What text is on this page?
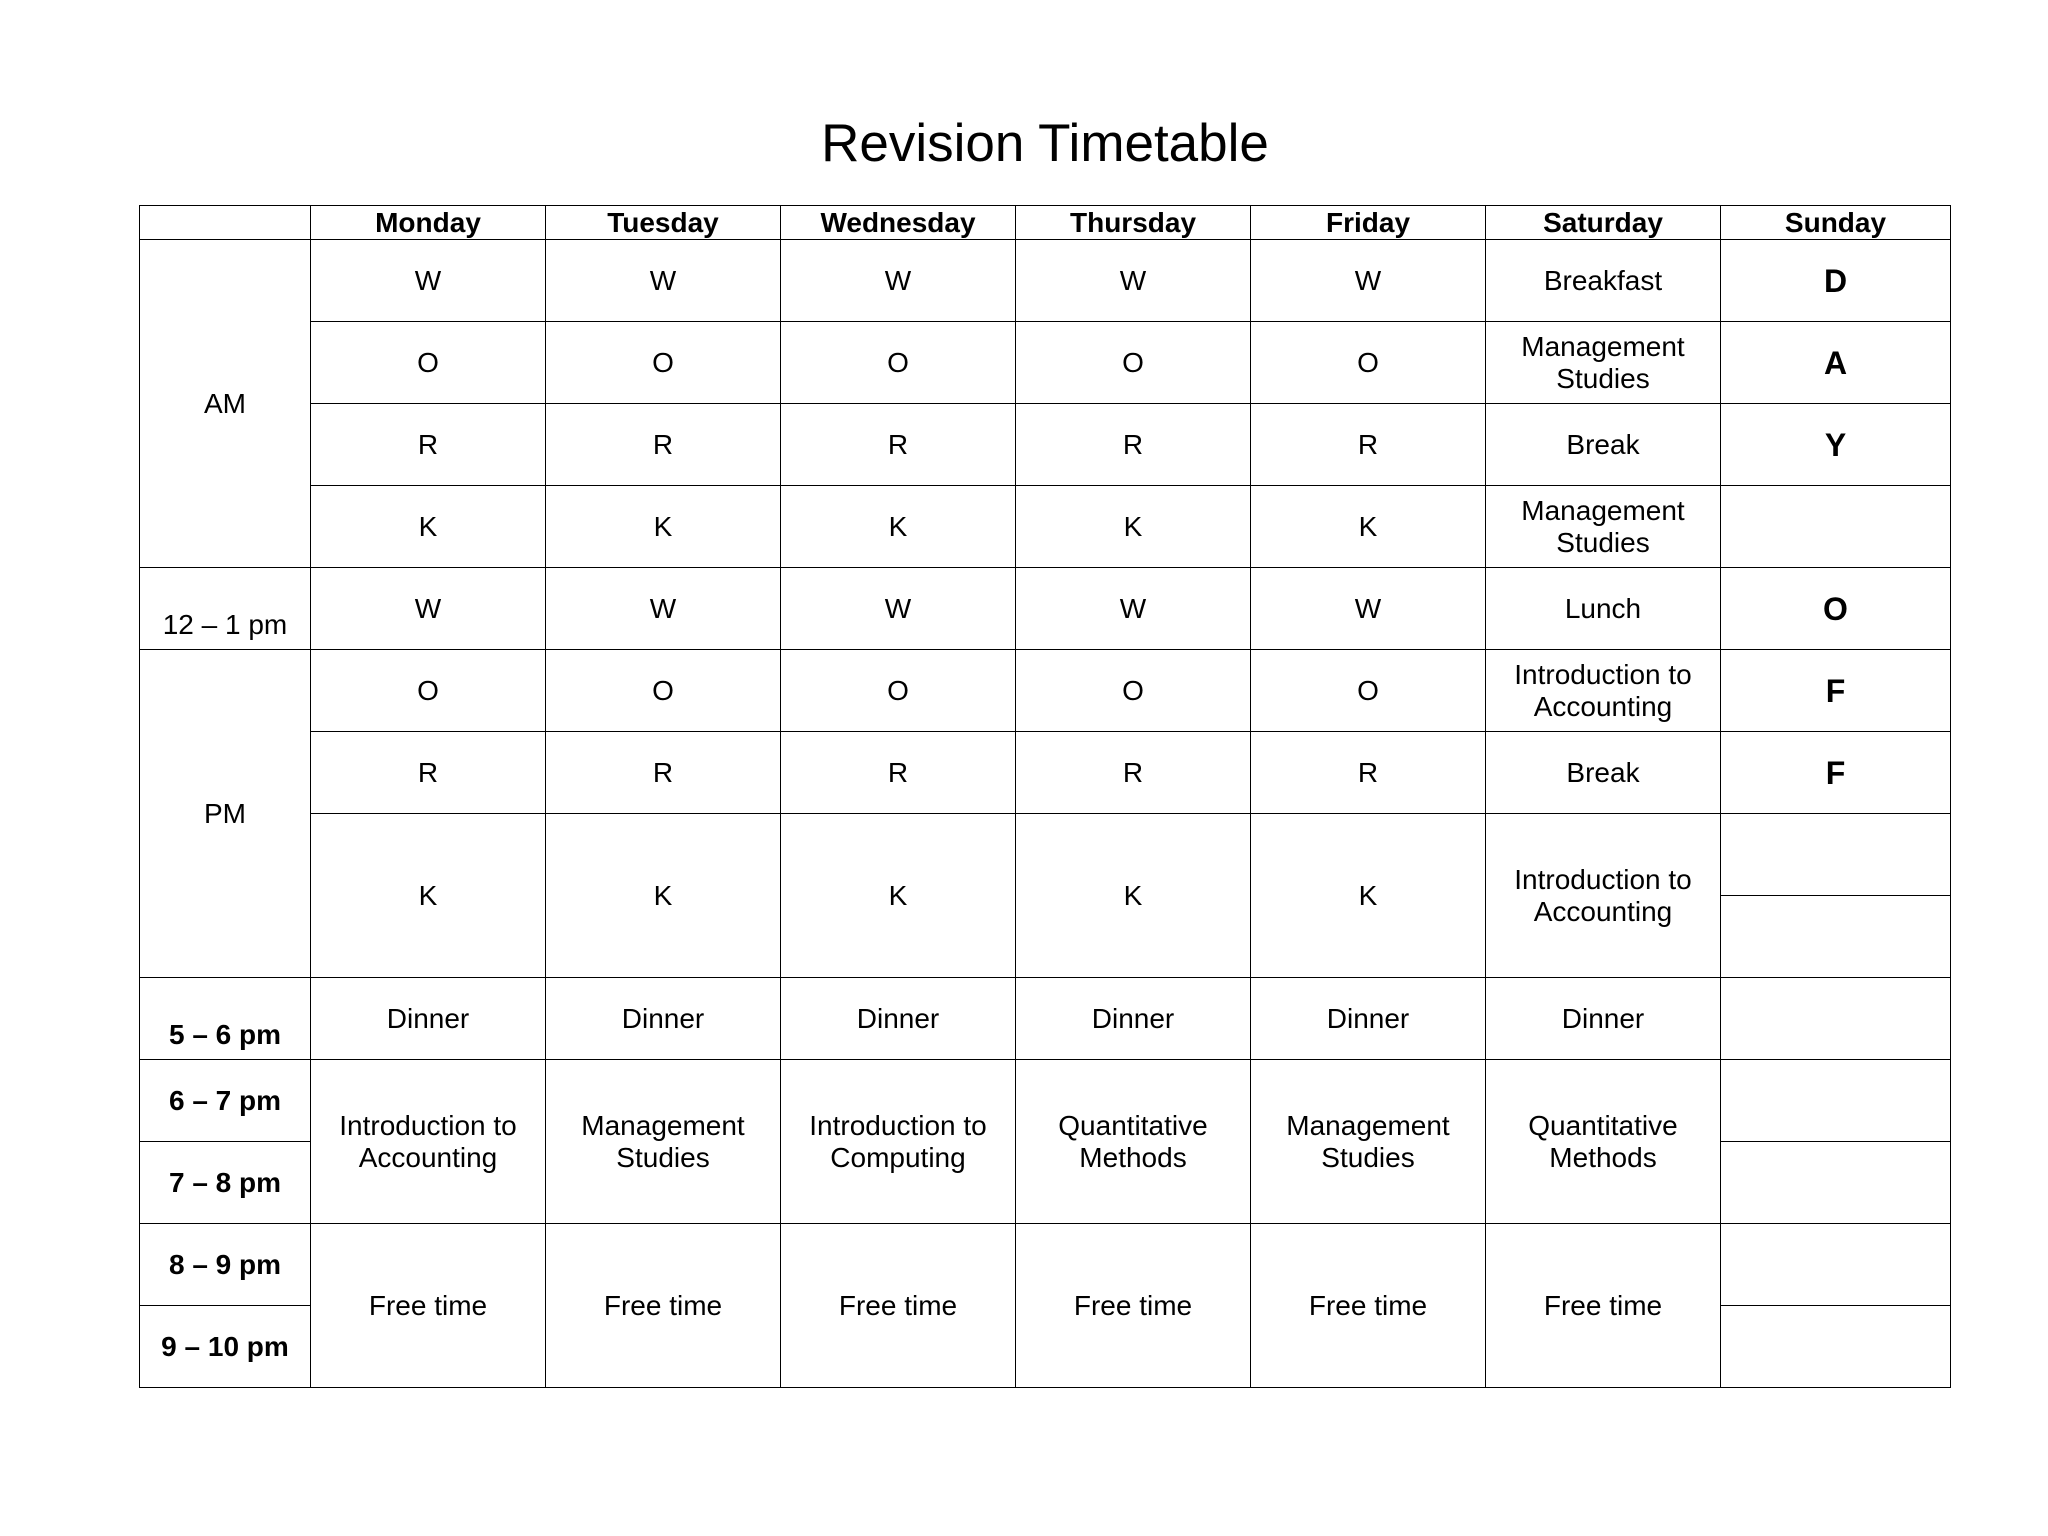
Revision Timetable
	Monday	Tuesday	Wednesday	Thursday	Friday	Saturday	Sunday
AM	W	W	W	W	W	Breakfast	D
	O	O	O	O	O	Management Studies	A
	R	R	R	R	R	Break	Y
	K	K	K	K	K	Management Studies	
12 – 1 pm	W	W	W	W	W	Lunch	O
PM	O	O	O	O	O	Introduction to Accounting	F
	R	R	R	R	R	Break	F
	K	K	K	K	K	Introduction to Accounting	

5 – 6 pm	Dinner	Dinner	Dinner	Dinner	Dinner	Dinner	
6 – 7 pm	Introduction to Accounting	Management Studies	Introduction to Computing	Quantitative Methods	Management Studies	Quantitative Methods	
7 – 8 pm							
8 – 9 pm	Free time	Free time	Free time	Free time	Free time	Free time	
9 – 10 pm							
